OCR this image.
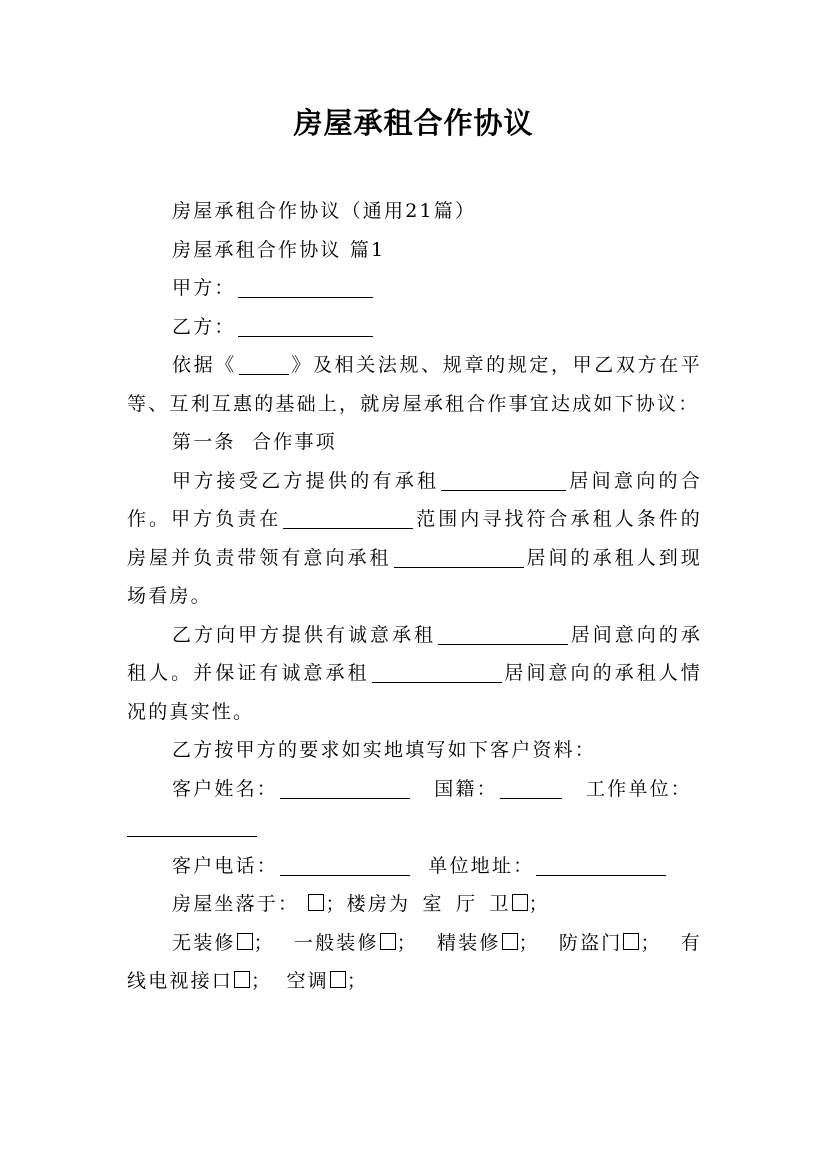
房屋承租合作协议
房屋承租合作协议（通用21篇）
房屋承租合作协议 篇1
甲方：
乙方：
依据《	》及相关法规、规章的规定，甲乙双方在平等、互利互惠的基础上，就房屋承租合作事宜达成如下协议：
第一条  合作事项
甲方接受乙方提供的有承租	居间意向的合作。甲方负责在	范围内寻找符合承租人条件的房屋并负责带领有意向承租	居间的承租人到现场看房。
乙方向甲方提供有诚意承租	居间意向的承租人。并保证有诚意承租	居间意向的承租人情况的真实性。
乙方按甲方的要求如实地填写如下客户资料：
客户姓名：	国籍：	工作单位：
客户电话：	单位地址：
房屋坐落于： ；楼房为 室 厅 卫 ；
无装修 ； 一般装修 ； 精装修 ； 防盗门 ； 有
线电视接口 ； 空调 ；
